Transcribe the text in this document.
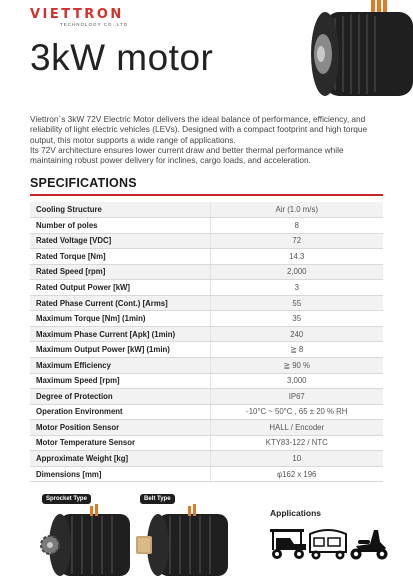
VIETTRON
TECHNOLOGY CO.,LTD
3kW motor

Viettron`s 3kW 72V Electric Motor delivers the ideal balance of performance, efficiency, and reliability of light electric vehicles (LEVs). Designed with a compact footprint and high torque output, this motor supports a wide range of applications.

Its 72V architecture ensures lower current draw and better thermal performance while maintaining robust power delivery for inclines, cargo loads, and acceleration.

SPECIFICATIONS
Cooling Structure	Air (1.0 m/s)
Number of poles	8
Rated Voltage [VDC]	72
Rated Torque [Nm]	14.3
Rated Speed [rpm]	2,000
Rated Output Power [kW]	3
Rated Phase Current (Cont.) [Arms]	55
Maximum Torque [Nm] (1min)	35
Maximum Phase Current [Apk] (1min)	240
Maximum Output Power [kW] (1min)	≧ 8
Maximum Efficiency	≧ 90 %
Maximum Speed [rpm]	3,000
Degree of Protection	IP67
Operation Environment	-10°C ~ 50°C , 65 ± 20 % RH
Motor Position Sensor	HALL / Encoder
Motor Temperature Sensor	KTY83-122 / NTC
Approximate Weight [kg]	10
Dimensions [mm]	φ162 x 196
Sprocket Type	Belt Type
Applications
